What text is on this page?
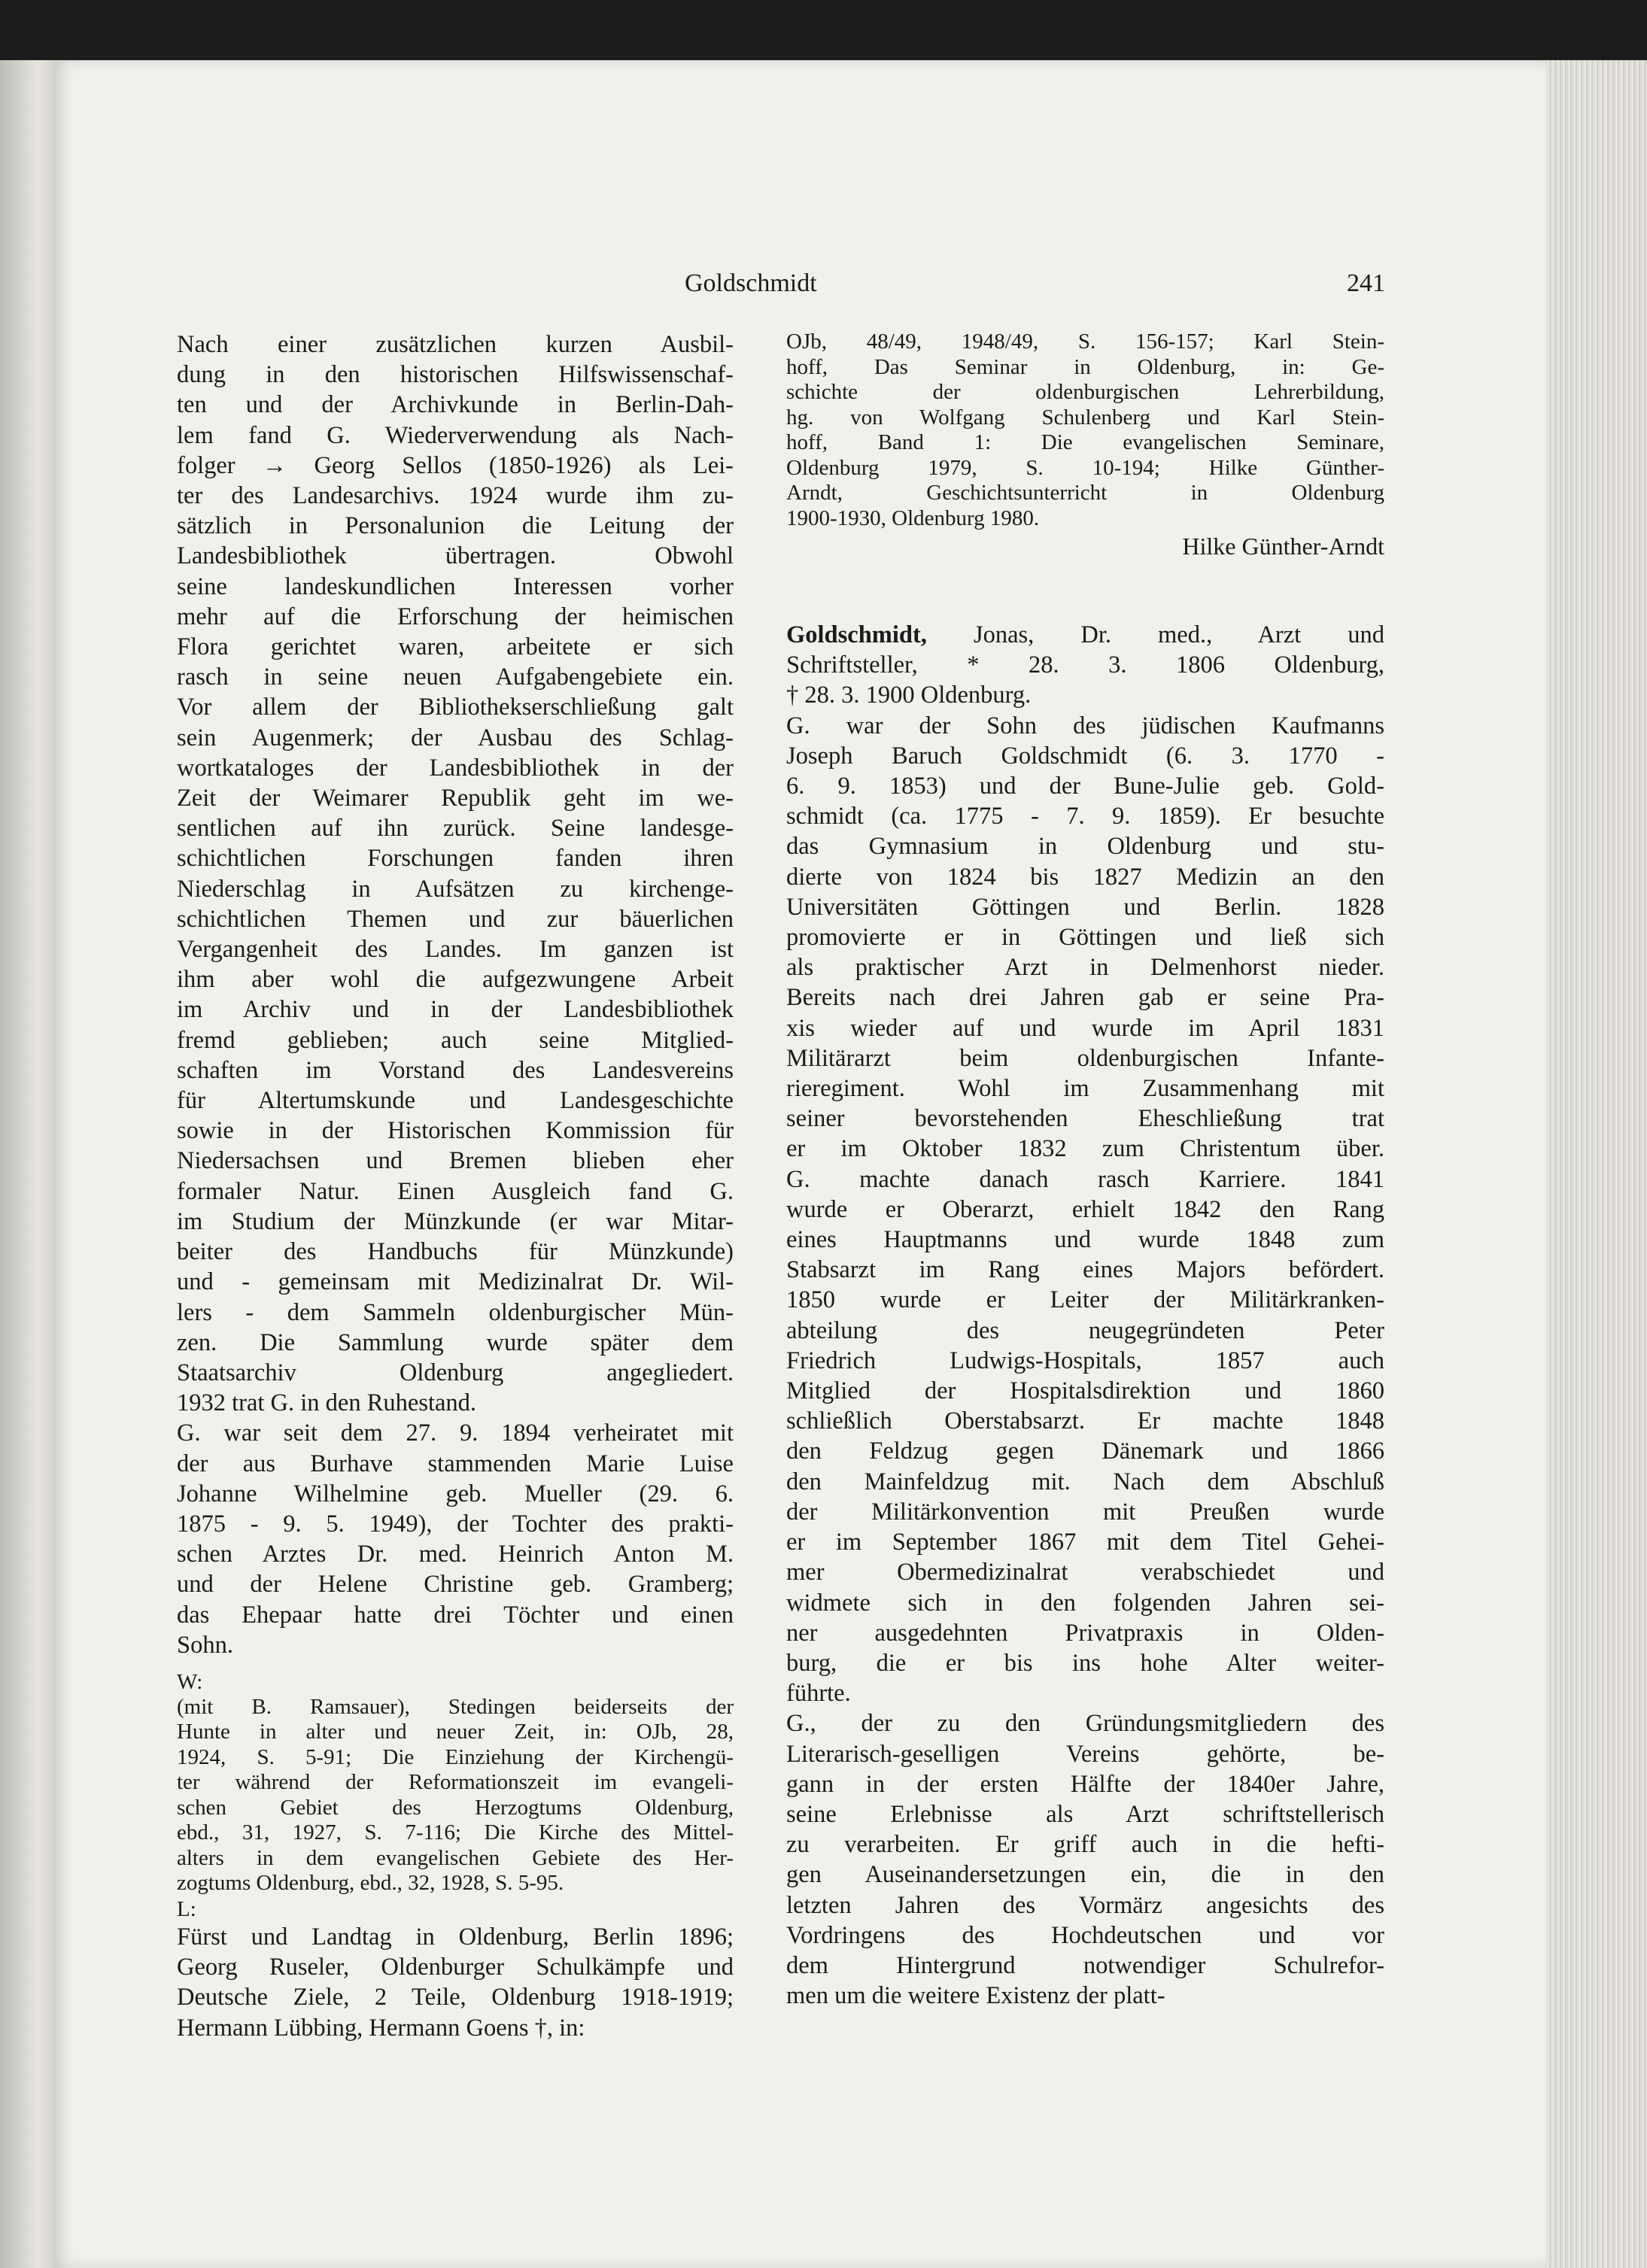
Goldschmidt	241
Nach einer zusätzlichen kurzen Ausbil-
dung in den historischen Hilfswissenschaf-
ten und der Archivkunde in Berlin-Dah-
lem fand G. Wiederverwendung als Nach-
folger → Georg Sellos (1850-1926) als Lei-
ter des Landesarchivs. 1924 wurde ihm zu-
sätzlich in Personalunion die Leitung der
Landesbibliothek übertragen. Obwohl
seine landeskundlichen Interessen vorher
mehr auf die Erforschung der heimischen
Flora gerichtet waren, arbeitete er sich
rasch in seine neuen Aufgabengebiete ein.
Vor allem der Bibliothekserschließung galt
sein Augenmerk; der Ausbau des Schlag-
wortkataloges der Landesbibliothek in der
Zeit der Weimarer Republik geht im we-
sentlichen auf ihn zurück. Seine landesge-
schichtlichen Forschungen fanden ihren
Niederschlag in Aufsätzen zu kirchenge-
schichtlichen Themen und zur bäuerlichen
Vergangenheit des Landes. Im ganzen ist
ihm aber wohl die aufgezwungene Arbeit
im Archiv und in der Landesbibliothek
fremd geblieben; auch seine Mitglied-
schaften im Vorstand des Landesvereins
für Altertumskunde und Landesgeschichte
sowie in der Historischen Kommission für
Niedersachsen und Bremen blieben eher
formaler Natur. Einen Ausgleich fand G.
im Studium der Münzkunde (er war Mitar-
beiter des Handbuchs für Münzkunde)
und - gemeinsam mit Medizinalrat Dr. Wil-
lers - dem Sammeln oldenburgischer Mün-
zen. Die Sammlung wurde später dem
Staatsarchiv Oldenburg angegliedert.
1932 trat G. in den Ruhestand.
G. war seit dem 27. 9. 1894 verheiratet mit
der aus Burhave stammenden Marie Luise
Johanne Wilhelmine geb. Mueller (29. 6.
1875 - 9. 5. 1949), der Tochter des prakti-
schen Arztes Dr. med. Heinrich Anton M.
und der Helene Christine geb. Gramberg;
das Ehepaar hatte drei Töchter und einen
Sohn.
W:
(mit B. Ramsauer), Stedingen beiderseits der
Hunte in alter und neuer Zeit, in: OJb, 28,
1924, S. 5-91; Die Einziehung der Kirchengü-
ter während der Reformationszeit im evangeli-
schen Gebiet des Herzogtums Oldenburg,
ebd., 31, 1927, S. 7-116; Die Kirche des Mittel-
alters in dem evangelischen Gebiete des Her-
zogtums Oldenburg, ebd., 32, 1928, S. 5-95.
L:
Fürst und Landtag in Oldenburg, Berlin 1896;
Georg Ruseler, Oldenburger Schulkämpfe und
Deutsche Ziele, 2 Teile, Oldenburg 1918-1919;
Hermann Lübbing, Hermann Goens †, in:
OJb, 48/49, 1948/49, S. 156-157; Karl Stein-
hoff, Das Seminar in Oldenburg, in: Ge-
schichte der oldenburgischen Lehrerbildung,
hg. von Wolfgang Schulenberg und Karl Stein-
hoff, Band 1: Die evangelischen Seminare,
Oldenburg 1979, S. 10-194; Hilke Günther-
Arndt, Geschichtsunterricht in Oldenburg
1900-1930, Oldenburg 1980.
Hilke Günther-Arndt
Goldschmidt, Jonas, Dr. med., Arzt und
Schriftsteller, * 28. 3. 1806 Oldenburg,
† 28. 3. 1900 Oldenburg.
G. war der Sohn des jüdischen Kaufmanns
Joseph Baruch Goldschmidt (6. 3. 1770 -
6. 9. 1853) und der Bune-Julie geb. Gold-
schmidt (ca. 1775 - 7. 9. 1859). Er besuchte
das Gymnasium in Oldenburg und stu-
dierte von 1824 bis 1827 Medizin an den
Universitäten Göttingen und Berlin. 1828
promovierte er in Göttingen und ließ sich
als praktischer Arzt in Delmenhorst nieder.
Bereits nach drei Jahren gab er seine Pra-
xis wieder auf und wurde im April 1831
Militärarzt beim oldenburgischen Infante-
rieregiment. Wohl im Zusammenhang mit
seiner bevorstehenden Eheschließung trat
er im Oktober 1832 zum Christentum über.
G. machte danach rasch Karriere. 1841
wurde er Oberarzt, erhielt 1842 den Rang
eines Hauptmanns und wurde 1848 zum
Stabsarzt im Rang eines Majors befördert.
1850 wurde er Leiter der Militärkranken-
abteilung des neugegründeten Peter
Friedrich Ludwigs-Hospitals, 1857 auch
Mitglied der Hospitalsdirektion und 1860
schließlich Oberstabsarzt. Er machte 1848
den Feldzug gegen Dänemark und 1866
den Mainfeldzug mit. Nach dem Abschluß
der Militärkonvention mit Preußen wurde
er im September 1867 mit dem Titel Gehei-
mer Obermedizinalrat verabschiedet und
widmete sich in den folgenden Jahren sei-
ner ausgedehnten Privatpraxis in Olden-
burg, die er bis ins hohe Alter weiter-
führte.
G., der zu den Gründungsmitgliedern des
Literarisch-geselligen Vereins gehörte, be-
gann in der ersten Hälfte der 1840er Jahre,
seine Erlebnisse als Arzt schriftstellerisch
zu verarbeiten. Er griff auch in die hefti-
gen Auseinandersetzungen ein, die in den
letzten Jahren des Vormärz angesichts des
Vordringens des Hochdeutschen und vor
dem Hintergrund notwendiger Schulrefor-
men um die weitere Existenz der platt-
